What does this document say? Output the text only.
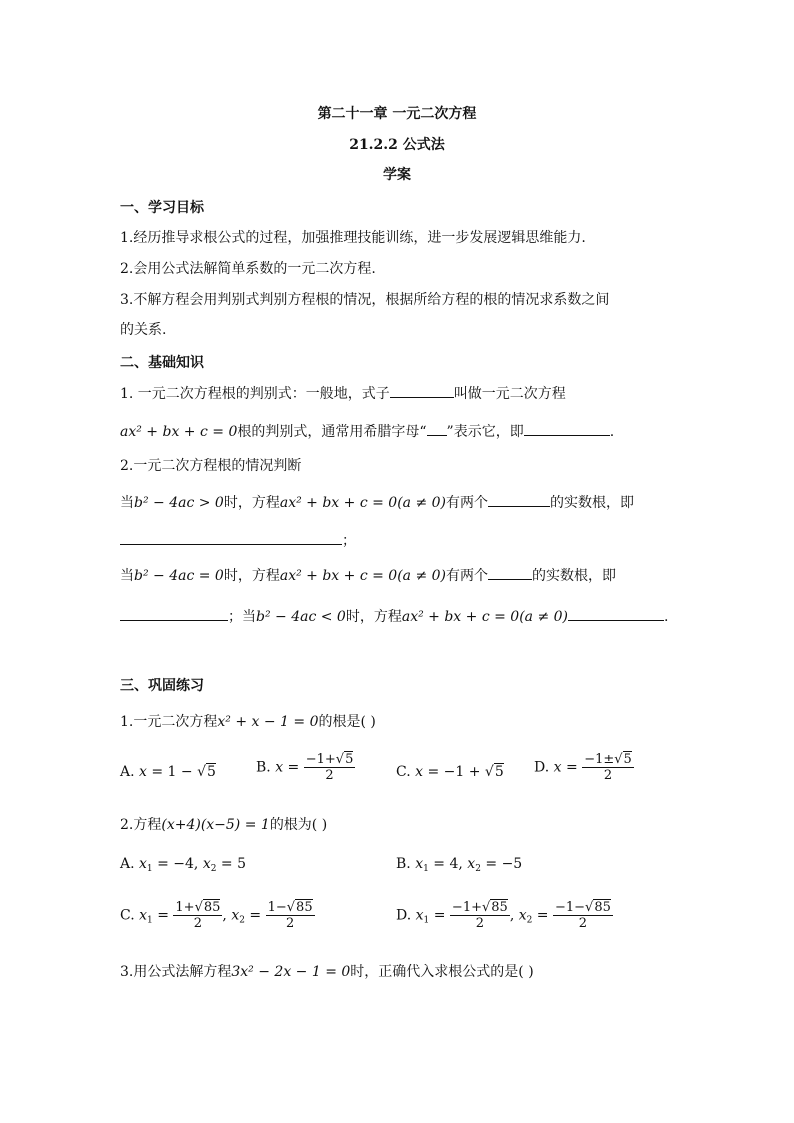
第二十一章 一元二次方程
21.2.2 公式法
学案
一、学习目标
1.经历推导求根公式的过程，加强推理技能训练，进一步发展逻辑思维能力.
2.会用公式法解简单系数的一元二次方程.
3.不解方程会用判别式判别方程根的情况，根据所给方程的根的情况求系数之间
的关系.
二、基础知识
1. 一元二次方程根的判别式：一般地，式子	叫做一元二次方程
ax² + bx + c = 0根的判别式，通常用希腊字母“ ”表示它，即	.
2.一元二次方程根的情况判断
当b² − 4ac > 0时，方程ax² + bx + c = 0(a ≠ 0)有两个	的实数根，即
；
当b² − 4ac = 0时，方程ax² + bx + c = 0(a ≠ 0)有两个	的实数根，即
；当b² − 4ac < 0时，方程ax² + bx + c = 0(a ≠ 0)	.
三、巩固练习
1.一元二次方程x² + x − 1 = 0的根是( )
A. x = 1 − √5	B. $x = \frac{-1+√5}{2}$	C. x = −1 + √5 D. $x = \frac{-1\pm√5}{2}$
2.方程(x+4)(x−5) = 1的根为( )
A. $x_1 = -4$, $x_2 = 5$	B. $x_1 = 4$, $x_2 = -5$
C. $x_1 = \frac{1+√85}{2}$ , $x_2 = \frac{1-√85}{2}$	D. $x_1 = \frac{-1+√85}{2}$ , $x_2 = \frac{-1-√85}{2}$
3.用公式法解方程3x² − 2x − 1 = 0时，正确代入求根公式的是( )
